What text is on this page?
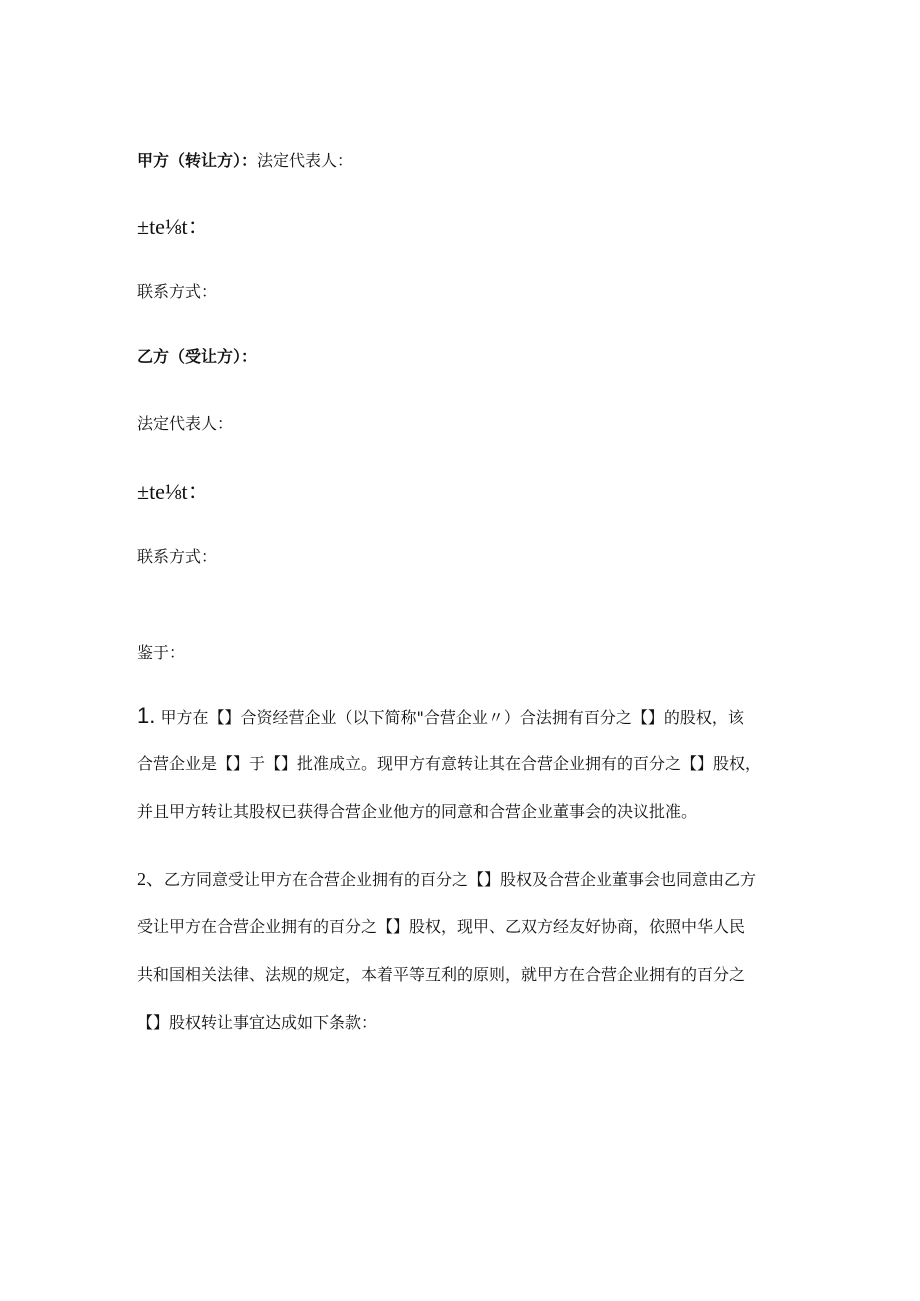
甲方（转让方）：法定代表人：
±te⅛t：
联系方式：
乙方（受让方）：
法定代表人：
±te⅛t：
联系方式：
鉴于：
1. 甲方在【】合资经营企业（以下简称"合营企业〃）合法拥有百分之【】的股权，该
合营企业是【】于【】批准成立。现甲方有意转让其在合营企业拥有的百分之【】股权，
并且甲方转让其股权已获得合营企业他方的同意和合营企业董事会的决议批准。
2、乙方同意受让甲方在合营企业拥有的百分之【】股权及合营企业董事会也同意由乙方
受让甲方在合营企业拥有的百分之【】股权，现甲、乙双方经友好协商，依照中华人民
共和国相关法律、法规的规定，本着平等互利的原则，就甲方在合营企业拥有的百分之
【】股权转让事宜达成如下条款：
